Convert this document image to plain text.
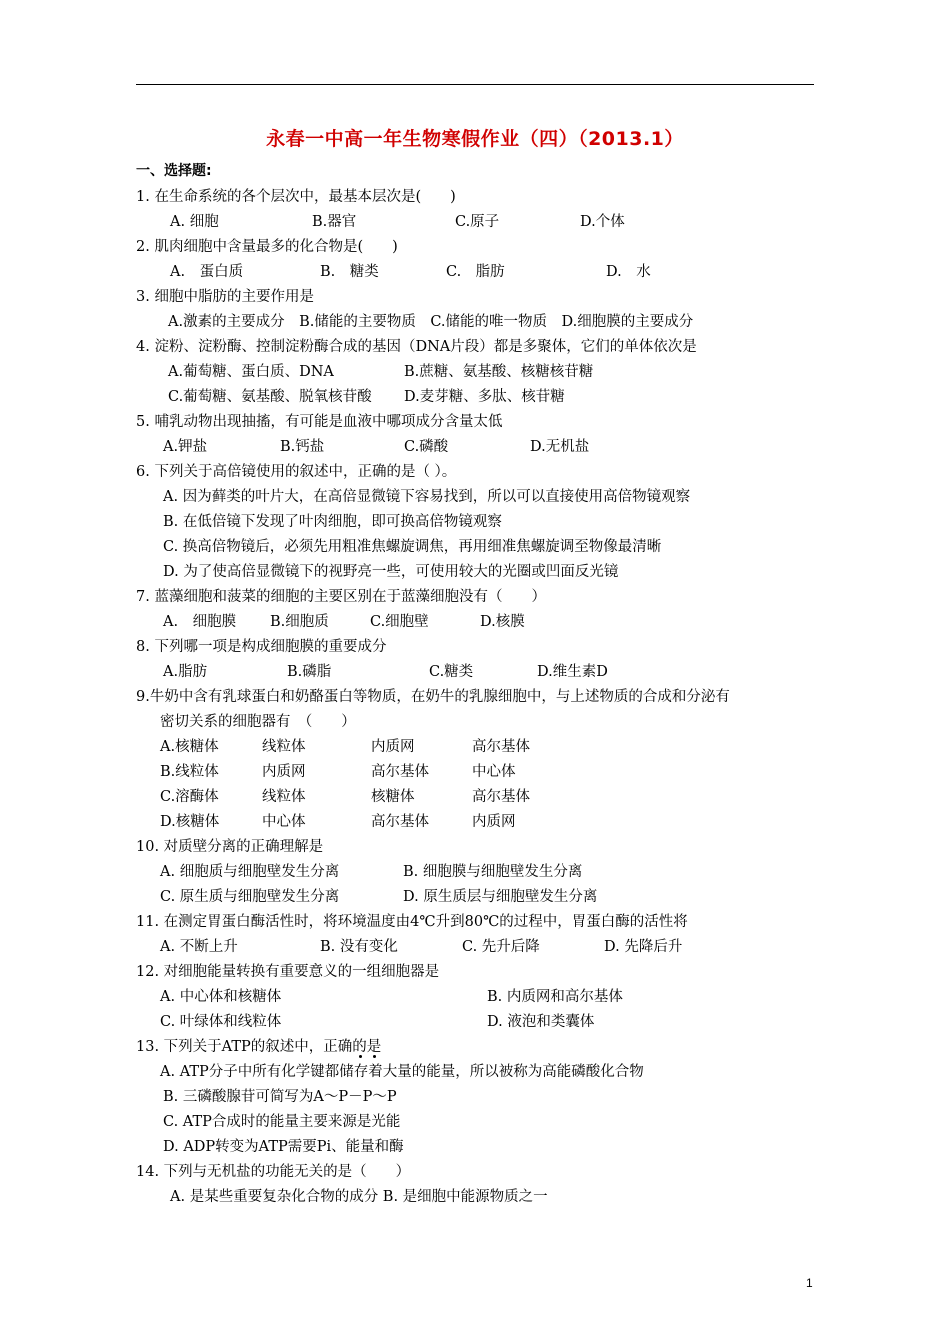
永春一中高一年生物寒假作业（四）（2013.1）
一、选择题:
1. 在生命系统的各个层次中，最基本层次是(　　)
A. 细胞	B.器官	C.原子	D.个体
2. 肌肉细胞中含量最多的化合物是(　　)
A.　蛋白质	B.　糖类	C.　脂肪	D.　水
3. 细胞中脂肪的主要作用是
A.激素的主要成分　B.储能的主要物质　C.储能的唯一物质　D.细胞膜的主要成分
4. 淀粉、淀粉酶、控制淀粉酶合成的基因（DNA片段）都是多聚体，它们的单体依次是
A.葡萄糖、蛋白质、DNA	B.蔗糖、氨基酸、核糖核苷糖
C.葡萄糖、氨基酸、脱氧核苷酸 D.麦芽糖、多肽、核苷糖
5. 哺乳动物出现抽搐，有可能是血液中哪项成分含量太低
A.钾盐	B.钙盐	C.磷酸	D.无机盐
6. 下列关于高倍镜使用的叙述中，正确的是（ ）。
A. 因为藓类的叶片大，在高倍显微镜下容易找到，所以可以直接使用高倍物镜观察
B. 在低倍镜下发现了叶肉细胞，即可换高倍物镜观察
C. 换高倍物镜后，必须先用粗准焦螺旋调焦，再用细准焦螺旋调至物像最清晰
D. 为了使高倍显微镜下的视野亮一些，可使用较大的光圈或凹面反光镜
7. 蓝藻细胞和菠菜的细胞的主要区别在于蓝藻细胞没有（　　）
A.　细胞膜 B.细胞质	C.细胞壁	D.核膜
8. 下列哪一项是构成细胞膜的重要成分
A.脂肪	B.磷脂	C.糖类	D.维生素D
9.牛奶中含有乳球蛋白和奶酪蛋白等物质，在奶牛的乳腺细胞中，与上述物质的合成和分泌有
密切关系的细胞器有　（　　）
A.核糖体	线粒体	内质网	高尔基体
B.线粒体	内质网	高尔基体	中心体
C.溶酶体	线粒体	核糖体	高尔基体
D.核糖体	中心体	高尔基体	内质网
10. 对质壁分离的正确理解是
A. 细胞质与细胞壁发生分离	B. 细胞膜与细胞壁发生分离
C. 原生质与细胞壁发生分离	D. 原生质层与细胞壁发生分离
11. 在测定胃蛋白酶活性时，将环境温度由4℃升到80℃的过程中，胃蛋白酶的活性将
A. 不断上升	B. 没有变化	C. 先升后降	D. 先降后升
12. 对细胞能量转换有重要意义的一组细胞器是
A. 中心体和核糖体	B. 内质网和高尔基体
C. 叶绿体和线粒体	D. 液泡和类囊体
13. 下列关于ATP的叙述中，正确的是
A. ATP分子中所有化学键都储存着大量的能量，所以被称为高能磷酸化合物
B. 三磷酸腺苷可简写为A～P－P～P
C. ATP合成时的能量主要来源是光能
D. ADP转变为ATP需要Pi、能量和酶
14. 下列与无机盐的功能无关的是（　　）
A. 是某些重要复杂化合物的成分 B. 是细胞中能源物质之一
1
